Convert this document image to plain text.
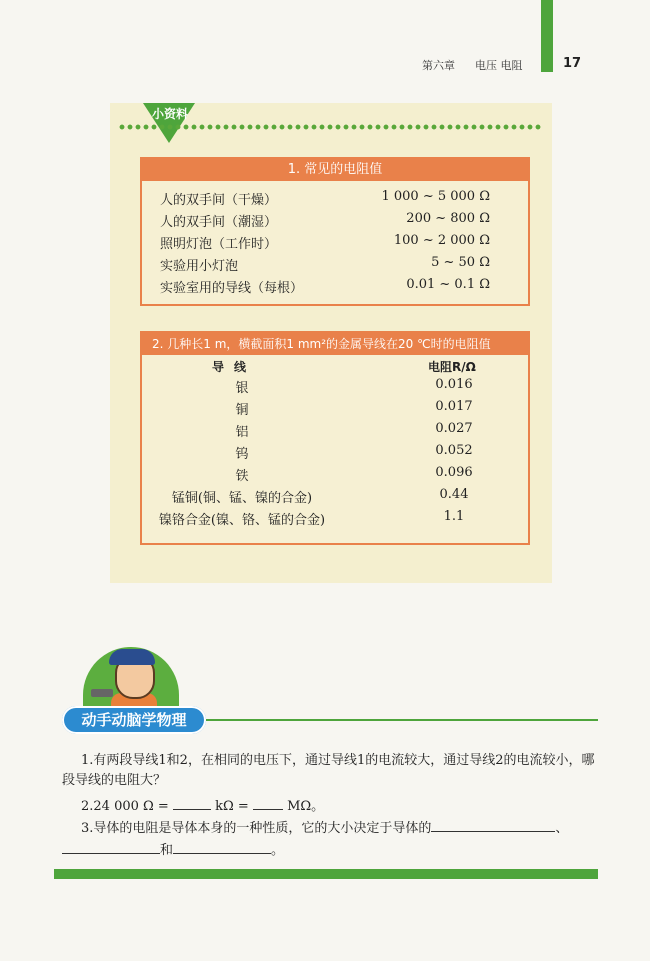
第六章 电压 电阻	17
小资料
1. 常见的电阻值
人的双手间（干燥）	1 000 ~ 5 000 Ω
人的双手间（潮湿）	200 ~ 800 Ω
照明灯泡（工作时）	100 ~ 2 000 Ω
实验用小灯泡	5 ~ 50 Ω
实验室用的导线（每根）	0.01 ~ 0.1 Ω
2. 几种长1 m，横截面积1 mm²的金属导线在20 ℃时的电阻值
导线	电阻R/Ω
银	0.016
铜	0.017
铝	0.027
钨	0.052
铁	0.096
锰铜(铜、锰、镍的合金)	0.44
镍铬合金(镍、铬、锰的合金)	1.1
动手动脑学物理
1.有两段导线1和2，在相同的电压下，通过导线1的电流较大，通过导线2的电流较小，哪段导线的电阻大？
2.24 000 Ω =	kΩ =	MΩ。
3.导体的电阻是导体本身的一种性质，它的大小决定于导体的	、
和	。
